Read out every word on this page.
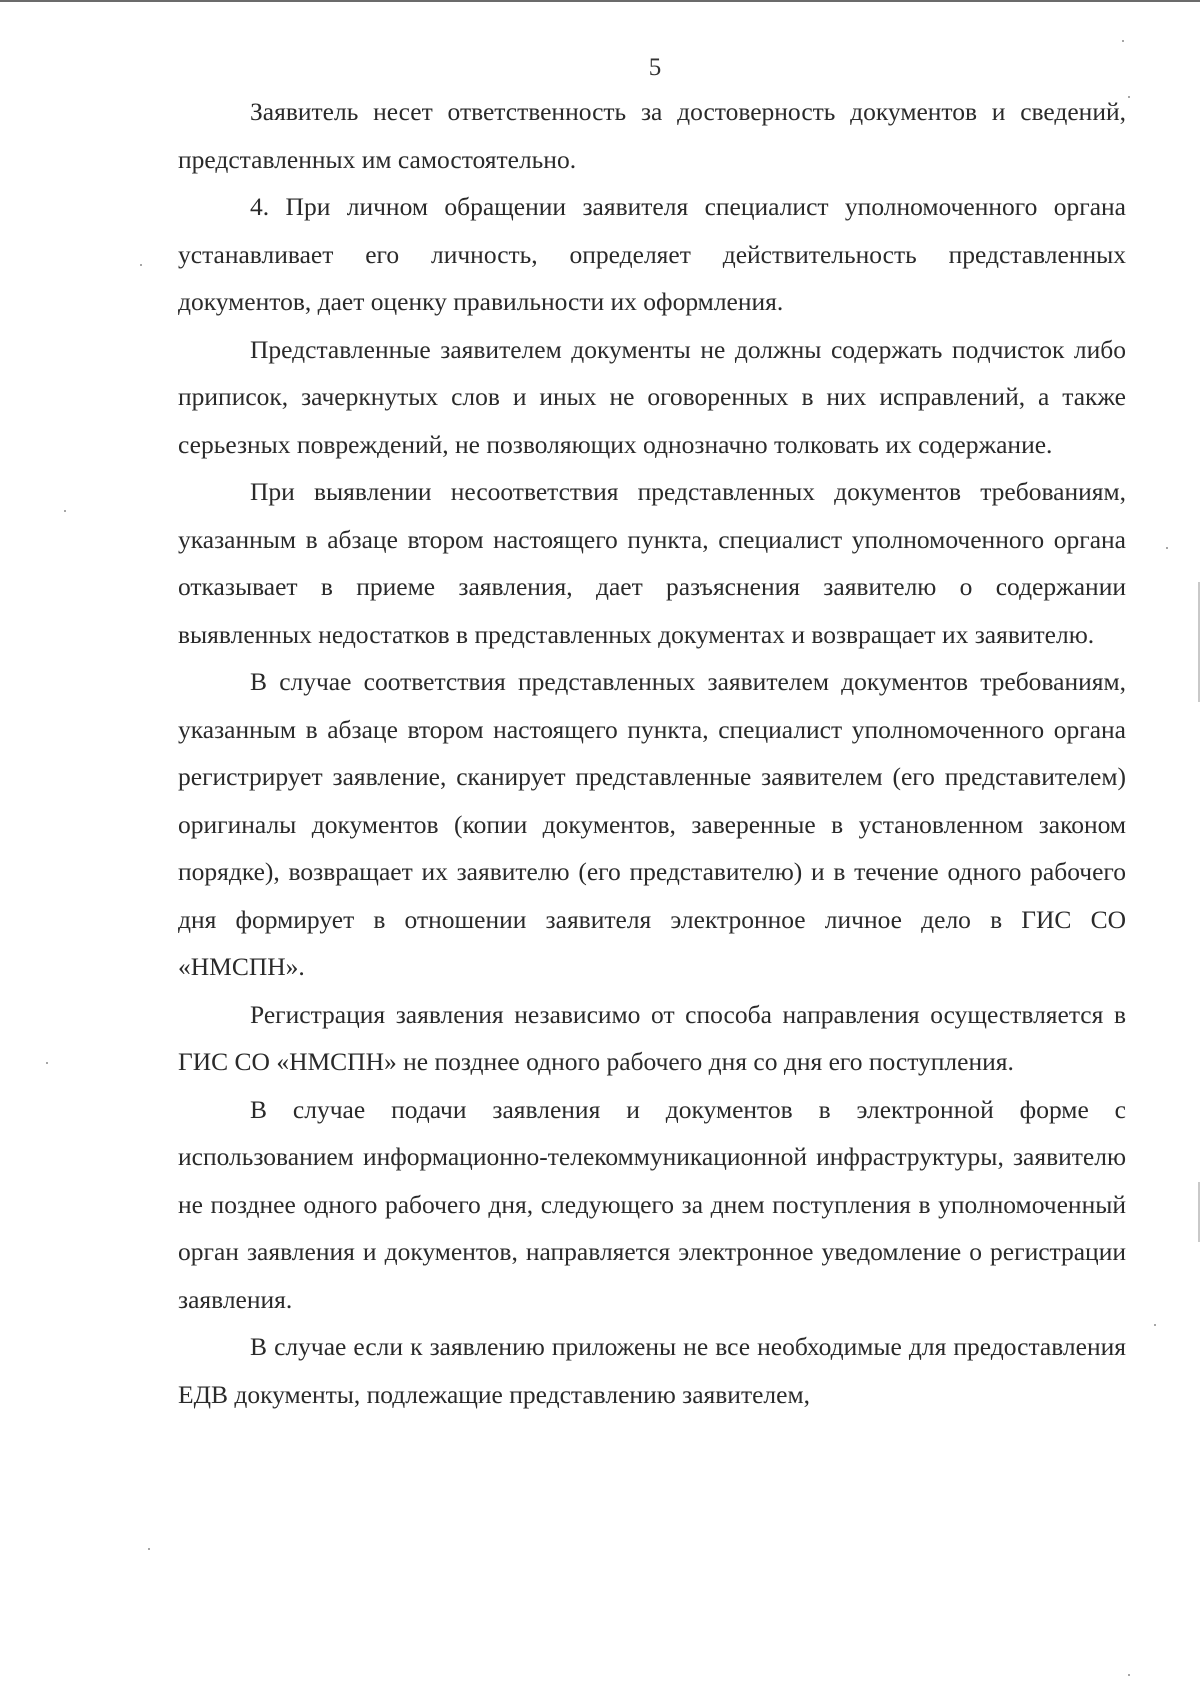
5

Заявитель несет ответственность за достоверность документов и сведений, представленных им самостоятельно.

4. При личном обращении заявителя специалист уполномоченного органа устанавливает его личность, определяет действительность представленных документов, дает оценку правильности их оформления.

Представленные заявителем документы не должны содержать подчисток либо приписок, зачеркнутых слов и иных не оговоренных в них исправлений, а также серьезных повреждений, не позволяющих однозначно толковать их содержание.

При выявлении несоответствия представленных документов требованиям, указанным в абзаце втором настоящего пункта, специалист уполномоченного органа отказывает в приеме заявления, дает разъяснения заявителю о содержании выявленных недостатков в представленных документах и возвращает их заявителю.

В случае соответствия представленных заявителем документов требованиям, указанным в абзаце втором настоящего пункта, специалист уполномоченного органа регистрирует заявление, сканирует представленные заявителем (его представителем) оригиналы документов (копии документов, заверенные в установленном законом порядке), возвращает их заявителю (его представителю) и в течение одного рабочего дня формирует в отношении заявителя электронное личное дело в ГИС СО «НМСПН».

Регистрация заявления независимо от способа направления осуществляется в ГИС СО «НМСПН» не позднее одного рабочего дня со дня его поступления.

В случае подачи заявления и документов в электронной форме с использованием информационно-телекоммуникационной инфраструктуры, заявителю не позднее одного рабочего дня, следующего за днем поступления в уполномоченный орган заявления и документов, направляется электронное уведомление о регистрации заявления.

В случае если к заявлению приложены не все необходимые для предоставления ЕДВ документы, подлежащие представлению заявителем,
